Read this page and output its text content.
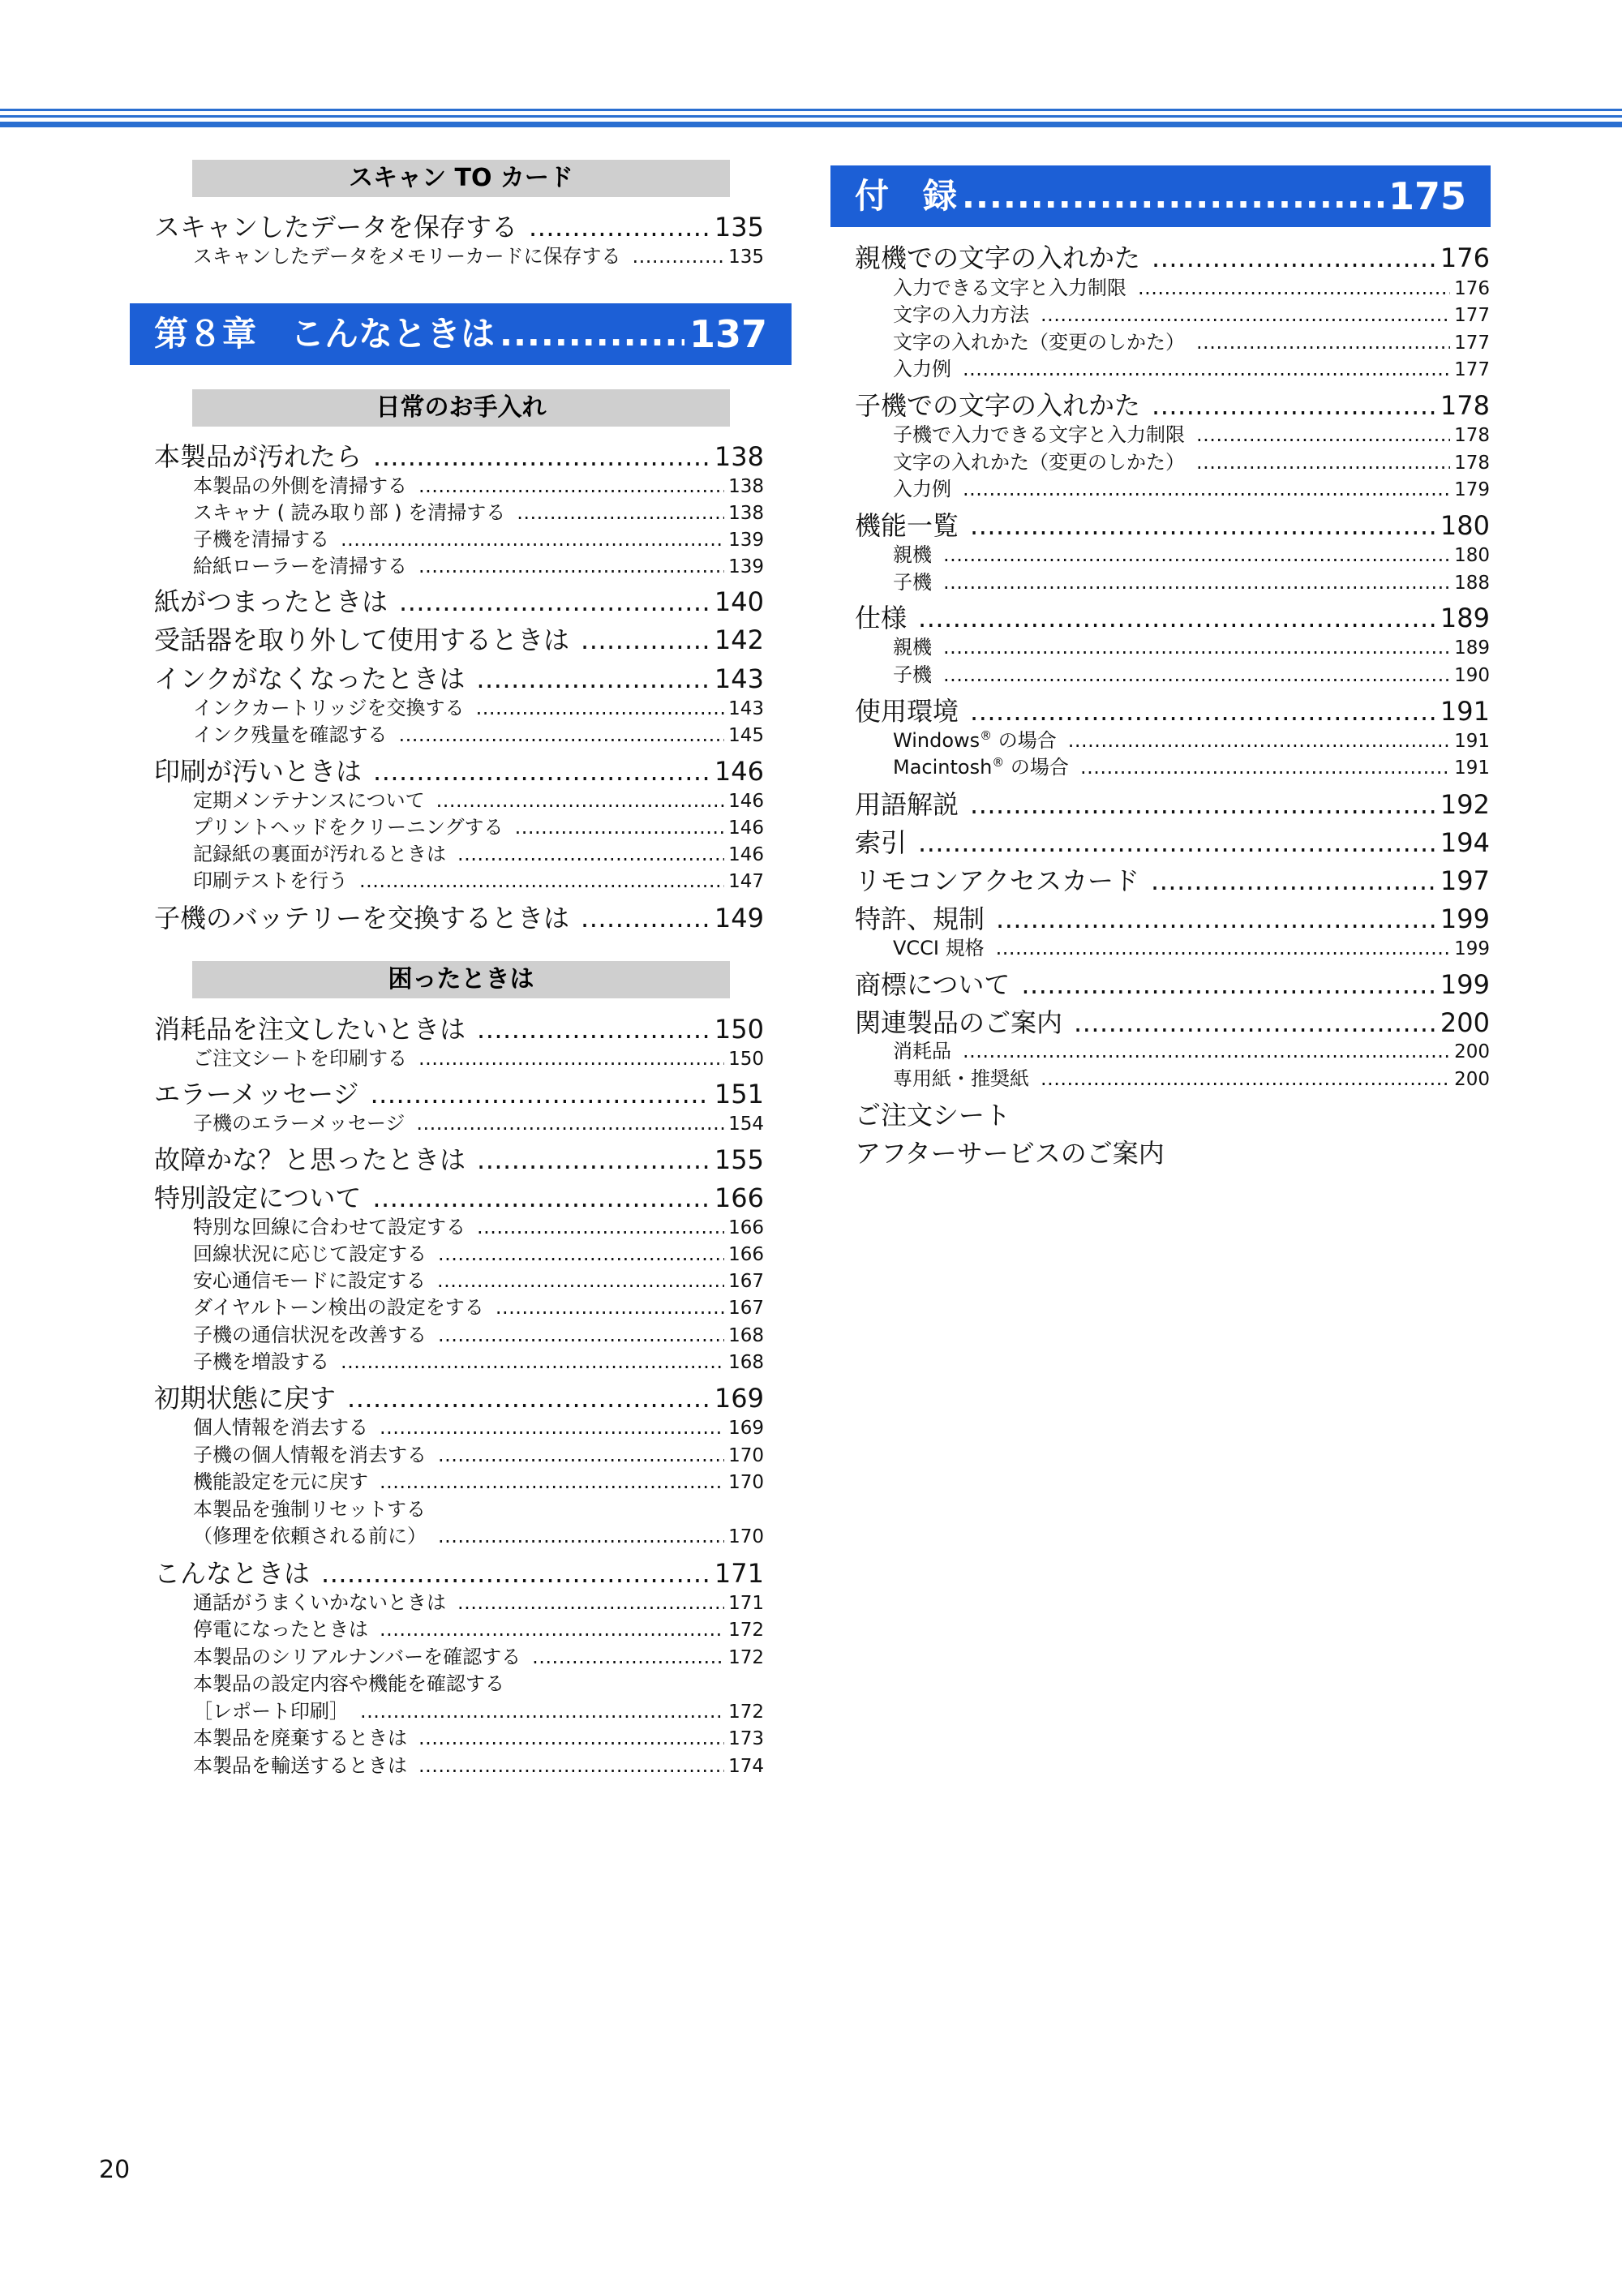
スキャン TO カード
スキャンしたデータを保存する .....	135
スキャンしたデータをメモリーカードに保存する .....	135
第８章　こんなときは .....	137
日常のお手入れ
本製品が汚れたら .....	138
本製品の外側を清掃する .....	138
スキャナ ( 読み取り部 ) を清掃する .....	138
子機を清掃する .....	139
給紙ローラーを清掃する .....	139
紙がつまったときは .....	140
受話器を取り外して使用するときは .....	142
インクがなくなったときは .....	143
インクカートリッジを交換する .....	143
インク残量を確認する .....	145
印刷が汚いときは .....	146
定期メンテナンスについて .....	146
プリントヘッドをクリーニングする .....	146
記録紙の裏面が汚れるときは .....	146
印刷テストを行う .....	147
子機のバッテリーを交換するときは .....	149
困ったときは
消耗品を注文したいときは .....	150
ご注文シートを印刷する .....	150
エラーメッセージ .....	151
子機のエラーメッセージ .....	154
故障かな？と思ったときは .....	155
特別設定について .....	166
特別な回線に合わせて設定する .....	166
回線状況に応じて設定する .....	166
安心通信モードに設定する .....	167
ダイヤルトーン検出の設定をする .....	167
子機の通信状況を改善する .....	168
子機を増設する .....	168
初期状態に戻す .....	169
個人情報を消去する .....	169
子機の個人情報を消去する .....	170
機能設定を元に戻す .....	170
本製品を強制リセットする
（修理を依頼される前に） .....	170
こんなときは .....	171
通話がうまくいかないときは .....	171
停電になったときは .....	172
本製品のシリアルナンバーを確認する .....	172
本製品の設定内容や機能を確認する
［レポート印刷］ .....	172
本製品を廃棄するときは .....	173
本製品を輸送するときは .....	174
付　録 .....	175
親機での文字の入れかた .....	176
入力できる文字と入力制限 .....	176
文字の入力方法 .....	177
文字の入れかた（変更のしかた） .....	177
入力例 .....	177
子機での文字の入れかた .....	178
子機で入力できる文字と入力制限 .....	178
文字の入れかた（変更のしかた） .....	178
入力例 .....	179
機能一覧 .....	180
親機 .....	180
子機 .....	188
仕様 .....	189
親機 .....	189
子機 .....	190
使用環境 .....	191
Windows® の場合 .....	191
Macintosh® の場合 .....	191
用語解説 .....	192
索引 .....	194
リモコンアクセスカード .....	197
特許、規制 .....	199
VCCI 規格 .....	199
商標について .....	199
関連製品のご案内 .....	200
消耗品 .....	200
専用紙・推奨紙 .....	200
ご注文シート
アフターサービスのご案内
20
